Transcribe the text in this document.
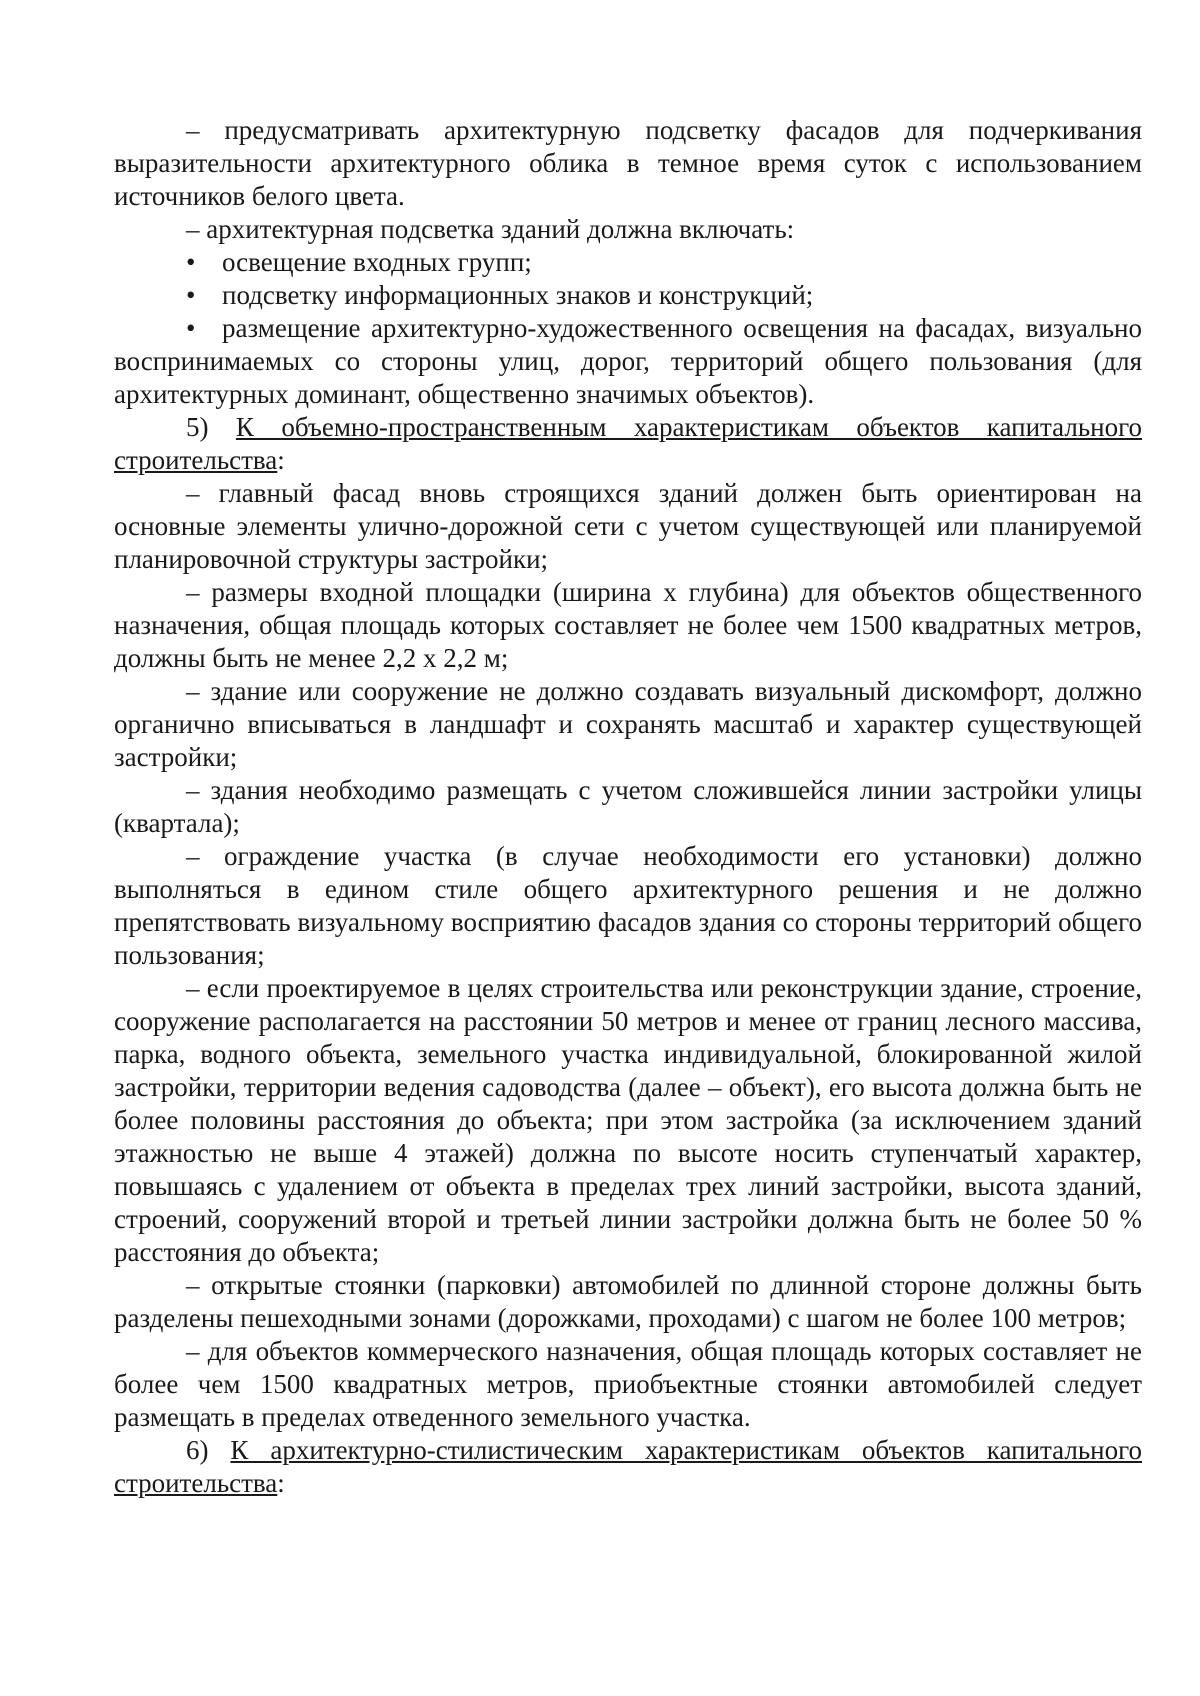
– предусматривать архитектурную подсветку фасадов для подчеркивания выразительности архитектурного облика в темное время суток с использованием источников белого цвета.

– архитектурная подсветка зданий должна включать:

• освещение входных групп;

• подсветку информационных знаков и конструкций;

• размещение архитектурно-художественного освещения на фасадах, визуально воспринимаемых со стороны улиц, дорог, территорий общего пользования (для архитектурных доминант, общественно значимых объектов).

5) К объемно-пространственным характеристикам объектов капитального строительства:

– главный фасад вновь строящихся зданий должен быть ориентирован на основные элементы улично-дорожной сети с учетом существующей или планируемой планировочной структуры застройки;

– размеры входной площадки (ширина х глубина) для объектов общественного назначения, общая площадь которых составляет не более чем 1500 квадратных метров, должны быть не менее 2,2 х 2,2 м;

– здание или сооружение не должно создавать визуальный дискомфорт, должно органично вписываться в ландшафт и сохранять масштаб и характер существующей застройки;

– здания необходимо размещать с учетом сложившейся линии застройки улицы (квартала);

– ограждение участка (в случае необходимости его установки) должно выполняться в едином стиле общего архитектурного решения и не должно препятствовать визуальному восприятию фасадов здания со стороны территорий общего пользования;

– если проектируемое в целях строительства или реконструкции здание, строение, сооружение располагается на расстоянии 50 метров и менее от границ лесного массива, парка, водного объекта, земельного участка индивидуальной, блокированной жилой застройки, территории ведения садоводства (далее – объект), его высота должна быть не более половины расстояния до объекта; при этом застройка (за исключением зданий этажностью не выше 4 этажей) должна по высоте носить ступенчатый характер, повышаясь с удалением от объекта в пределах трех линий застройки, высота зданий, строений, сооружений второй и третьей линии застройки должна быть не более 50 % расстояния до объекта;

– открытые стоянки (парковки) автомобилей по длинной стороне должны быть разделены пешеходными зонами (дорожками, проходами) с шагом не более 100 метров;

– для объектов коммерческого назначения, общая площадь которых составляет не более чем 1500 квадратных метров, приобъектные стоянки автомобилей следует размещать в пределах отведенного земельного участка.

6) К архитектурно-стилистическим характеристикам объектов капитального строительства:
